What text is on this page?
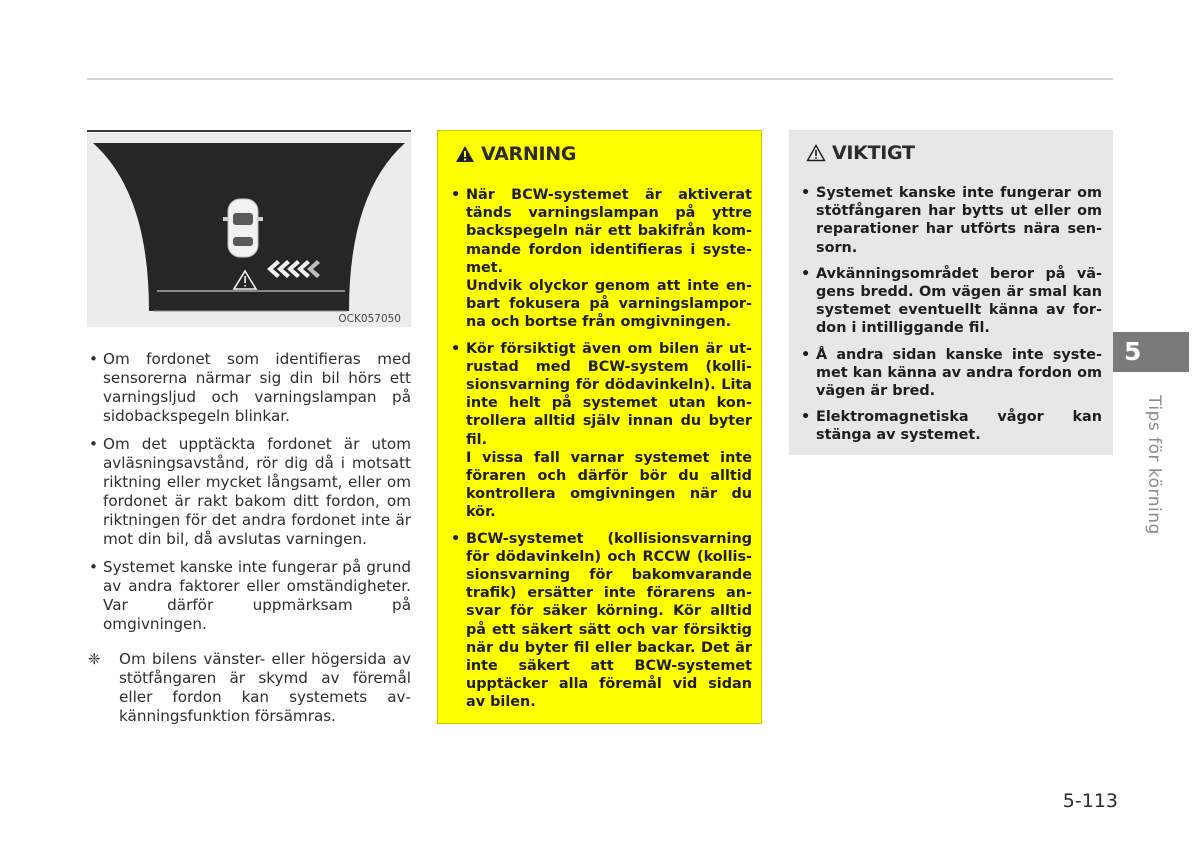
OCK057050
• Om fordonet som identifieras med sensorerna närmar sig din bil hörs ett varningsljud och varningslampan på sidobackspegeln blinkar.
• Om det upptäckta fordonet är utom avläsningsavstånd, rör dig då i motsatt riktning eller mycket långsamt, eller om fordonet är rakt bakom ditt fordon, om riktningen för det andra fordonet inte är mot din bil, då avslutas varningen.
• Systemet kanske inte fungerar på grund av andra faktorer eller omständigheter. Var därför uppmärksam på omgivningen.
❈ Om bilens vänster- eller högersida av stötfångaren är skymd av föremål eller fordon kan systemets avkänningsfunktion försämras.
VARNING
• När BCW-systemet är aktiverat tänds varningslampan på yttre backspegeln när ett bakifrån kommande fordon identifieras i systemet.

Undvik olyckor genom att inte enbart fokusera på varningslamporna och bortse från omgivningen.

• Kör försiktigt även om bilen är utrustad med BCW-system (kollisionsvarning för dödavinkeln). Lita inte helt på systemet utan kontrollera alltid själv innan du byter fil.

I vissa fall varnar systemet inte föraren och därför bör du alltid kontrollera omgivningen när du kör.

• BCW-systemet (kollisionsvarning för dödavinkeln) och RCCW (kollissionsvarning för bakomvarande trafik) ersätter inte förarens ansvar för säker körning. Kör alltid på ett säkert sätt och var försiktig när du byter fil eller backar. Det är inte säkert att BCW-systemet upptäcker alla föremål vid sidan av bilen.

VIKTIGT
• Systemet kanske inte fungerar om stötfångaren har bytts ut eller om reparationer har utförts nära sensorn.
• Avkänningsområdet beror på vägens bredd. Om vägen är smal kan systemet eventuellt känna av fordon i intilliggande fil.
• Å andra sidan kanske inte systemet kan känna av andra fordon om vägen är bred.
• Elektromagnetiska vågor kan stänga av systemet.
5
Tips för körning
5-113
